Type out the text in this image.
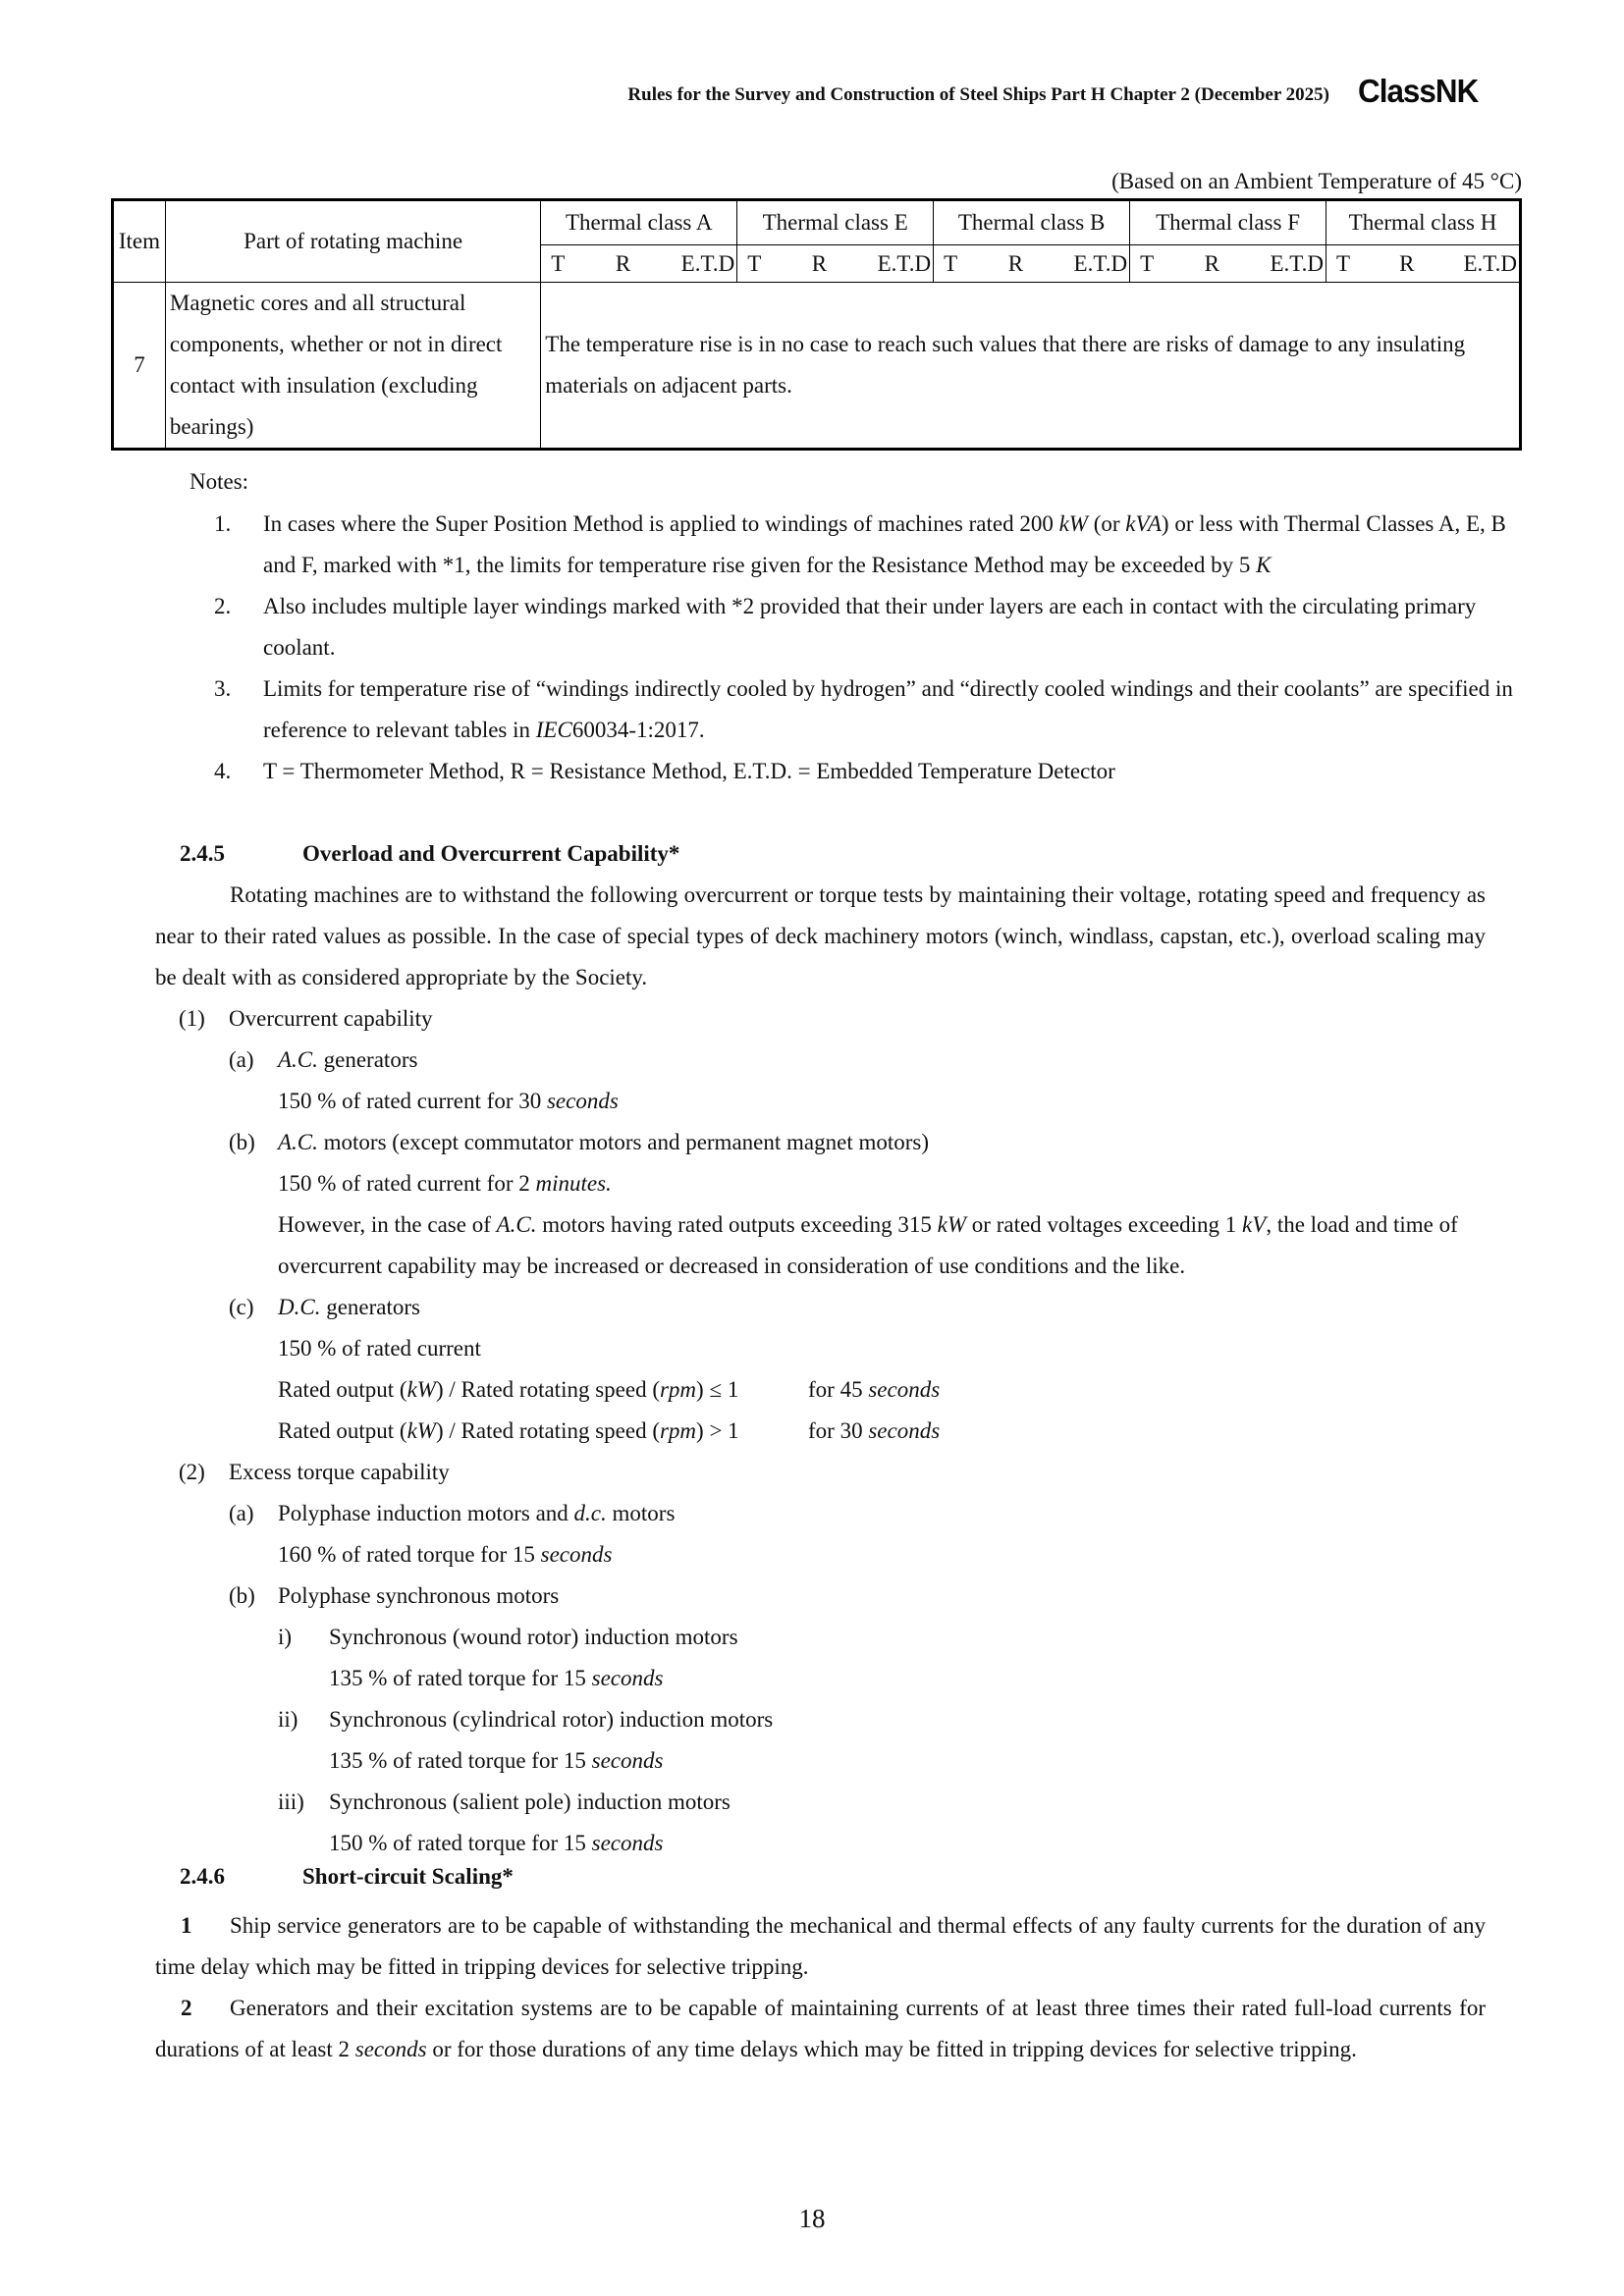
Rules for the Survey and Construction of Steel Ships Part H Chapter 2 (December 2025) ClassNK
(Based on an Ambient Temperature of 45 °C)
Item	Part of rotating machine	Thermal class A	Thermal class E	Thermal class B	Thermal class F	Thermal class H

		T R E.T.D	T R E.T.D	T R E.T.D	T R E.T.D	T R E.T.D

7	Magnetic cores and all structural components, whether or not in direct contact with insulation (excluding bearings)	The temperature rise is in no case to reach such values that there are risks of damage to any insulating materials on adjacent parts.				
Notes:
1.	In cases where the Super Position Method is applied to windings of machines rated 200 kW (or kVA) or less with Thermal Classes A, E, B and F, marked with *1, the limits for temperature rise given for the Resistance Method may be exceeded by 5 K
2.	Also includes multiple layer windings marked with *2 provided that their under layers are each in contact with the circulating primary coolant.
3.	Limits for temperature rise of “windings indirectly cooled by hydrogen” and “directly cooled windings and their coolants” are specified in reference to relevant tables in IEC60034-1:2017.
4.	T = Thermometer Method, R = Resistance Method, E.T.D. = Embedded Temperature Detector
2.4.5	Overload and Overcurrent Capability*
Rotating machines are to withstand the following overcurrent or torque tests by maintaining their voltage, rotating speed and frequency as near to their rated values as possible. In the case of special types of deck machinery motors (winch, windlass, capstan, etc.), overload scaling may be dealt with as considered appropriate by the Society.
(1) Overcurrent capability
(a) A.C. generators
150 % of rated current for 30 seconds
(b) A.C. motors (except commutator motors and permanent magnet motors)
150 % of rated current for 2 minutes.
However, in the case of A.C. motors having rated outputs exceeding 315 kW or rated voltages exceeding 1 kV, the load and time of overcurrent capability may be increased or decreased in consideration of use conditions and the like.
(c) D.C. generators
150 % of rated current
Rated output (kW) / Rated rotating speed (rpm) ≤ 1	for 45 seconds
Rated output (kW) / Rated rotating speed (rpm) > 1	for 30 seconds
(2) Excess torque capability
(a) Polyphase induction motors and d.c. motors
160 % of rated torque for 15 seconds
(b) Polyphase synchronous motors
i) Synchronous (wound rotor) induction motors
135 % of rated torque for 15 seconds
ii) Synchronous (cylindrical rotor) induction motors
135 % of rated torque for 15 seconds
iii) Synchronous (salient pole) induction motors
150 % of rated torque for 15 seconds
2.4.6	Short-circuit Scaling*
1 Ship service generators are to be capable of withstanding the mechanical and thermal effects of any faulty currents for the duration of any time delay which may be fitted in tripping devices for selective tripping.
2 Generators and their excitation systems are to be capable of maintaining currents of at least three times their rated full-load currents for durations of at least 2 seconds or for those durations of any time delays which may be fitted in tripping devices for selective tripping.
18
